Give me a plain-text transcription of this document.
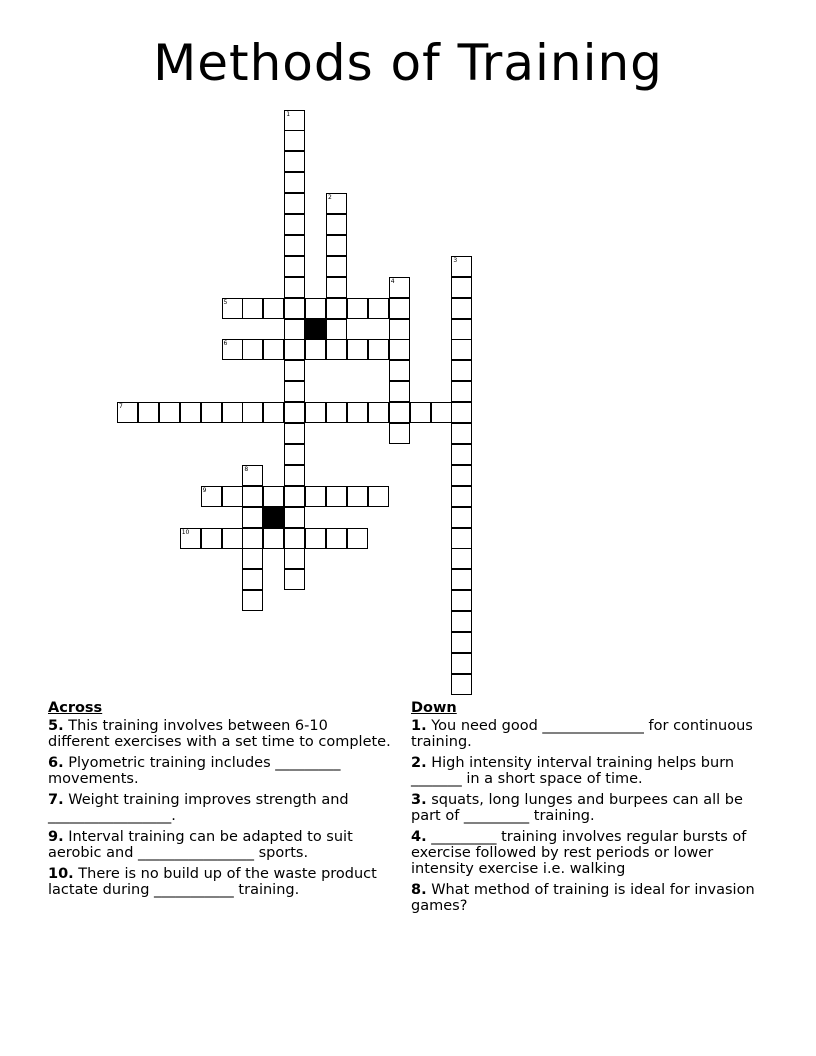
Methods of Training
1
2
3
4
5
6
7
8
9
10
Across
5. This training involves between 6-10 different exercises with a set time to complete.
6. Plyometric training includes _________ movements.
7. Weight training improves strength and _________________.
9. Interval training can be adapted to suit aerobic and ________________ sports.
10. There is no build up of the waste product lactate during ___________ training.
Down
1. You need good ______________ for continuous training.
2. High intensity interval training helps burn _______ in a short space of time.
3. squats, long lunges and burpees can all be part of _________ training.
4. _________ training involves regular bursts of exercise followed by rest periods or lower intensity exercise i.e. walking
8. What method of training is ideal for invasion games?
